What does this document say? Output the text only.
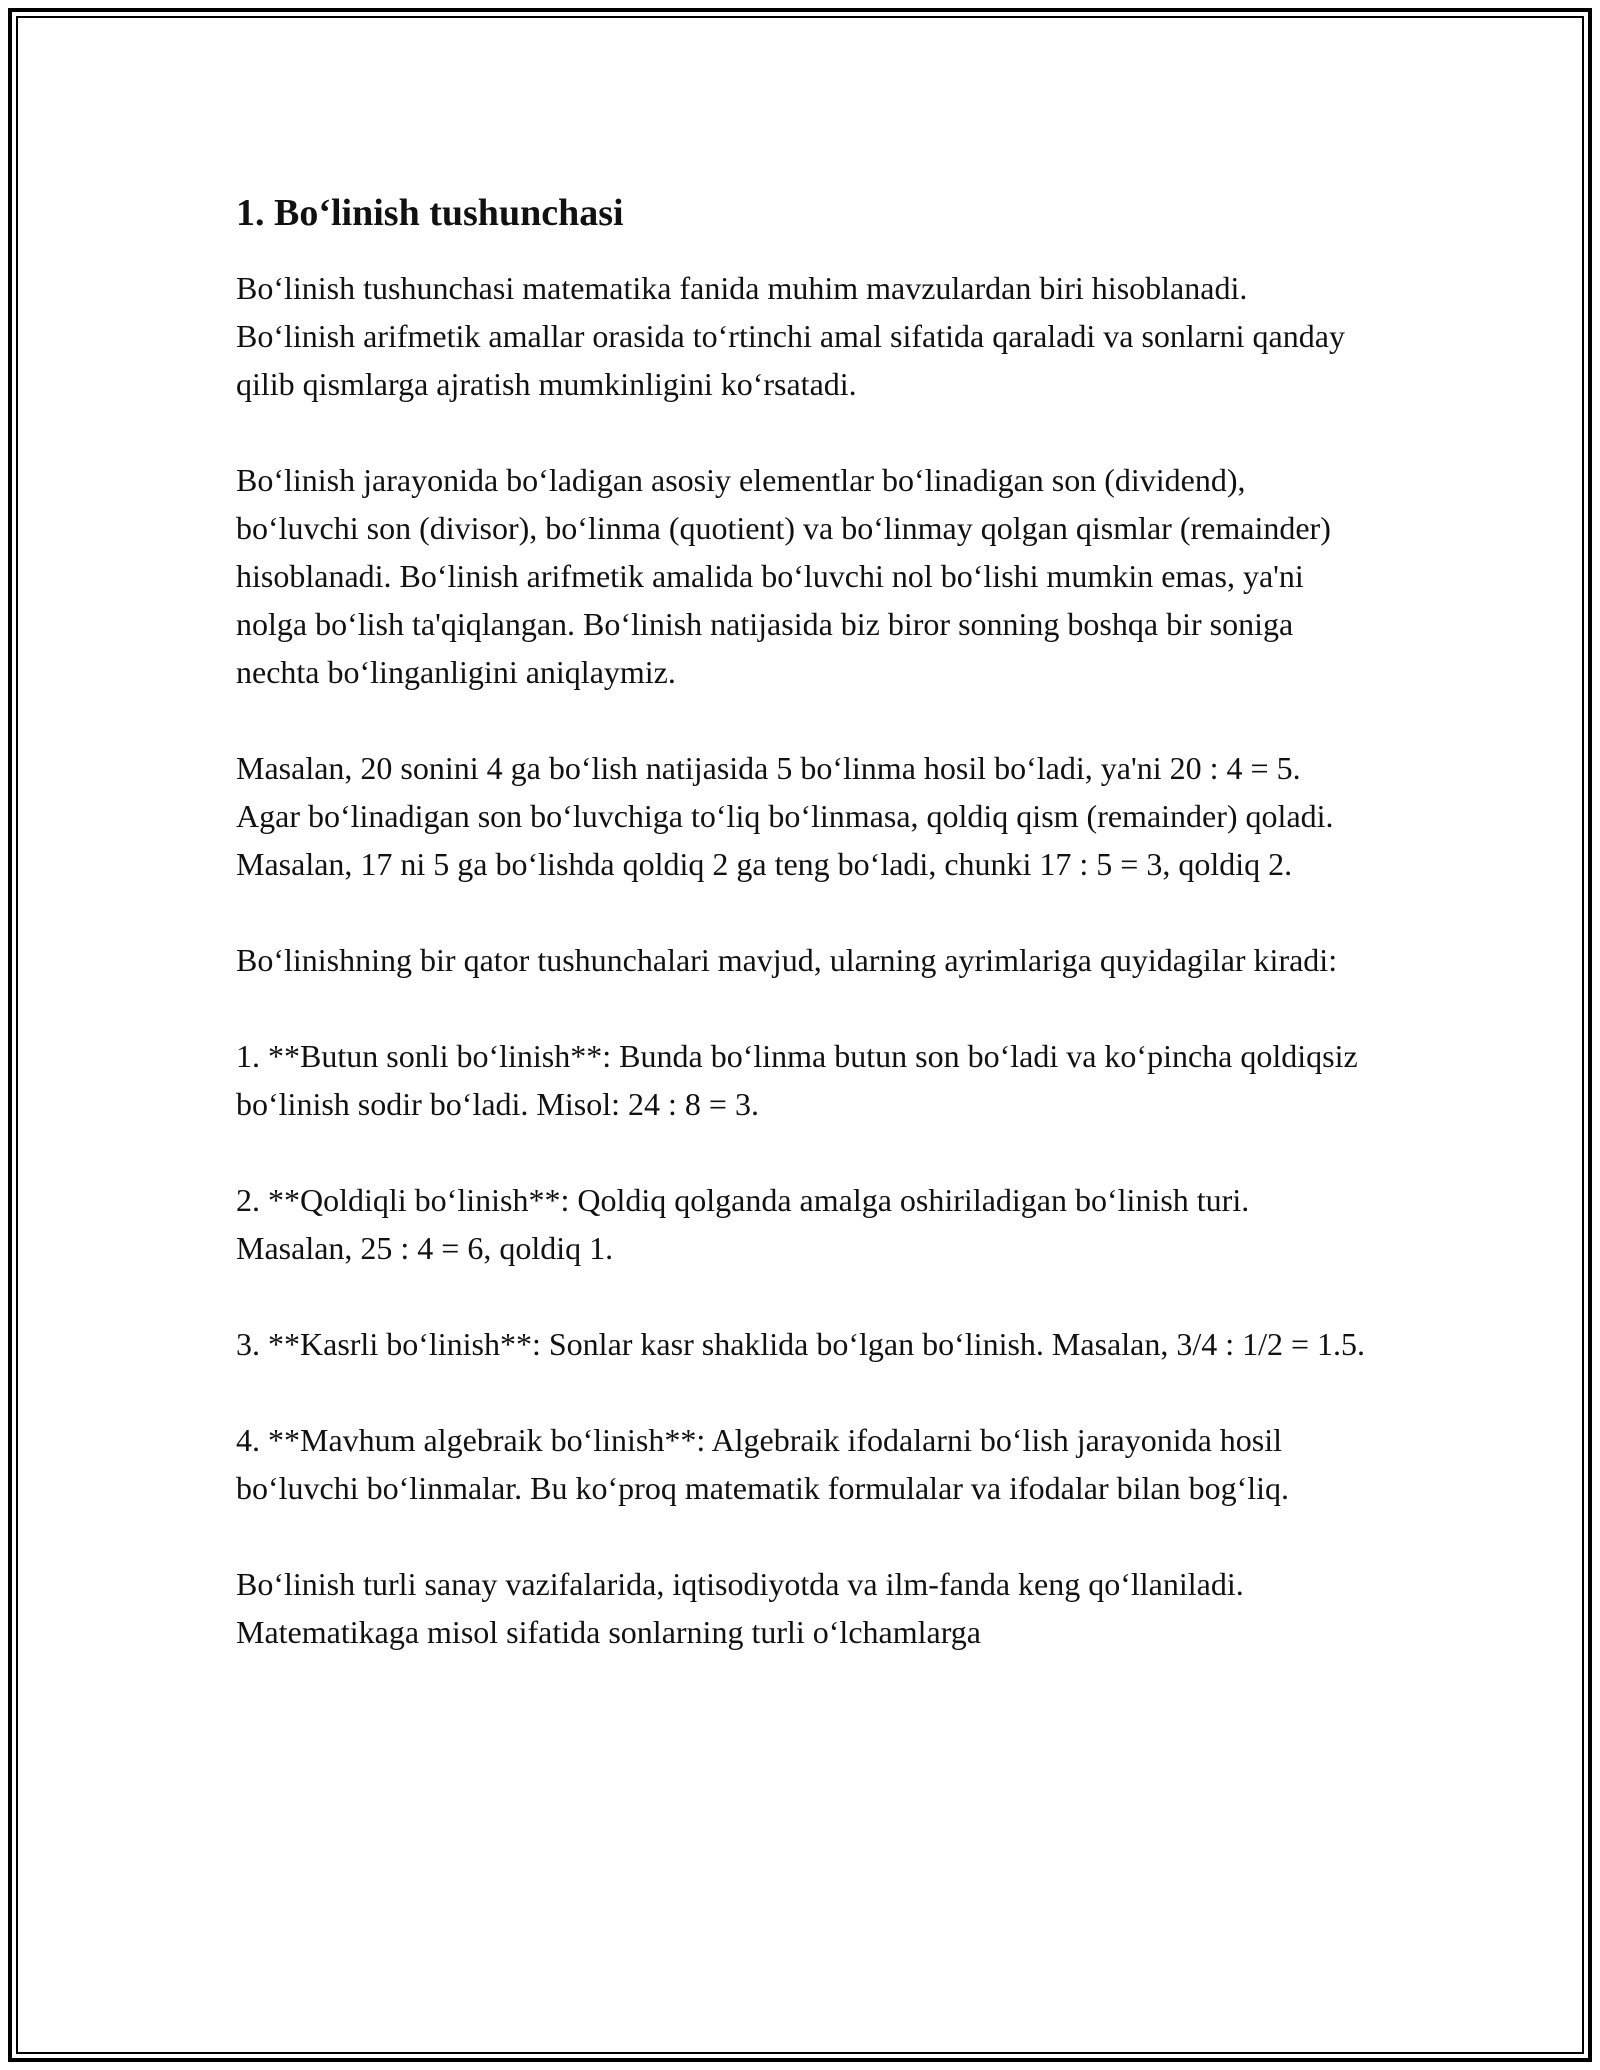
1. Bo‘linish tushunchasi

Bo‘linish tushunchasi matematika fanida muhim mavzulardan biri hisoblanadi. Bo‘linish arifmetik amallar orasida to‘rtinchi amal sifatida qaraladi va sonlarni qanday qilib qismlarga ajratish mumkinligini ko‘rsatadi.

Bo‘linish jarayonida bo‘ladigan asosiy elementlar bo‘linadigan son (dividend), bo‘luvchi son (divisor), bo‘linma (quotient) va bo‘linmay qolgan qismlar (remainder) hisoblanadi. Bo‘linish arifmetik amalida bo‘luvchi nol bo‘lishi mumkin emas, ya'ni nolga bo‘lish ta'qiqlangan. Bo‘linish natijasida biz biror sonning boshqa bir soniga nechta bo‘linganligini aniqlaymiz.

Masalan, 20 sonini 4 ga bo‘lish natijasida 5 bo‘linma hosil bo‘ladi, ya'ni 20 : 4 = 5. Agar bo‘linadigan son bo‘luvchiga to‘liq bo‘linmasa, qoldiq qism (remainder) qoladi. Masalan, 17 ni 5 ga bo‘lishda qoldiq 2 ga teng bo‘ladi, chunki 17 : 5 = 3, qoldiq 2.

Bo‘linishning bir qator tushunchalari mavjud, ularning ayrimlariga quyidagilar kiradi:

1. **Butun sonli bo‘linish**: Bunda bo‘linma butun son bo‘ladi va ko‘pincha qoldiqsiz bo‘linish sodir bo‘ladi. Misol: 24 : 8 = 3.

2. **Qoldiqli bo‘linish**: Qoldiq qolganda amalga oshiriladigan bo‘linish turi. Masalan, 25 : 4 = 6, qoldiq 1.

3. **Kasrli bo‘linish**: Sonlar kasr shaklida bo‘lgan bo‘linish. Masalan, 3/4 : 1/2 = 1.5.

4. **Mavhum algebraik bo‘linish**: Algebraik ifodalarni bo‘lish jarayonida hosil bo‘luvchi bo‘linmalar. Bu ko‘proq matematik formulalar va ifodalar bilan bog‘liq.

Bo‘linish turli sanay vazifalarida, iqtisodiyotda va ilm-fanda keng qo‘llaniladi. Matematikaga misol sifatida sonlarning turli o‘lchamlarga
